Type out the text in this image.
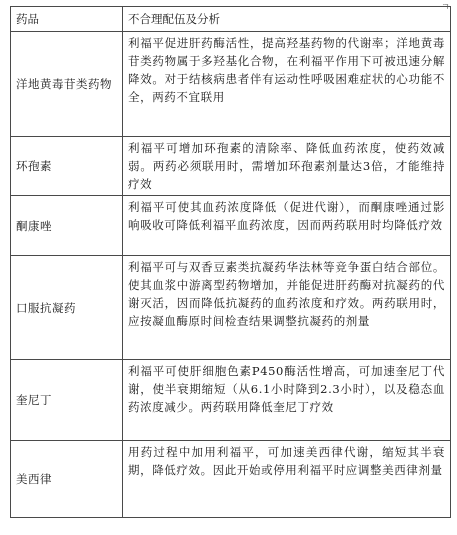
ㄱ
药品	不合理配伍及分析
洋地黄毒苷类药物	利福平促进肝药酶活性，提高羟基药物的代谢率；洋地黄毒苷类药物属于多羟基化合物，在利福平作用下可被迅速分解降效。对于结核病患者伴有运动性呼吸困难症状的心功能不全，两药不宜联用
环孢素	利福平可增加环孢素的清除率、降低血药浓度，使药效减弱。两药必须联用时，需增加环孢素剂量达3倍，才能维持疗效
酮康唑	利福平可使其血药浓度降低（促进代谢），而酮康唑通过影响吸收可降低利福平血药浓度，因而两药联用时均降低疗效
口服抗凝药	利福平可与双香豆素类抗凝药华法林等竞争蛋白结合部位。使其血浆中游离型药物增加，并能促进肝药酶对抗凝药的代谢灭活，因而降低抗凝药的血药浓度和疗效。两药联用时，应按凝血酶原时间检查结果调整抗凝药的剂量
奎尼丁	利福平可使肝细胞色素P450酶活性增高，可加速奎尼丁代谢，使半衰期缩短（从6.1小时降到2.3小时），以及稳态血药浓度减少。两药联用降低奎尼丁疗效
美西律	用药过程中加用利福平，可加速美西律代谢，缩短其半衰期，降低疗效。因此开始或停用利福平时应调整美西律剂量
